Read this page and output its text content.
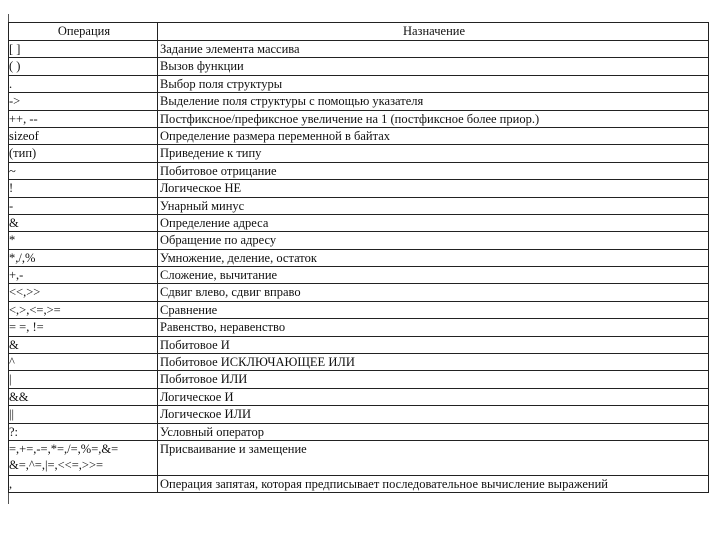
Операция	Назначение
[ ]	Задание элемента массива
( )	Вызов функции
.	Выбор поля структуры
->	Выделение поля структуры с помощью указателя
++, --	Постфиксное/префиксное увеличение на 1 (постфиксное более приор.)
sizeof	Определение размера переменной в байтах
(тип)	Приведение к типу
~	Побитовое отрицание
!	Логическое НЕ
-	Унарный минус
&	Определение адреса
*	Обращение по адресу
*,/,%	Умножение, деление, остаток
+,-	Сложение, вычитание
<<,>>	Сдвиг влево, сдвиг вправо
<,>,<=,>=	Сравнение
= =, !=	Равенство, неравенство
&	Побитовое И
^	Побитовое ИСКЛЮЧАЮЩЕЕ ИЛИ
|	Побитовое ИЛИ
&&	Логическое И
||	Логическое ИЛИ
?:	Условный оператор
=,+=,-=,*=,/=,%=,&=
&=,^=,|=,<<=,>>=	Присваивание и замещение
,	Операция запятая, которая предписывает последовательное вычисление выражений
